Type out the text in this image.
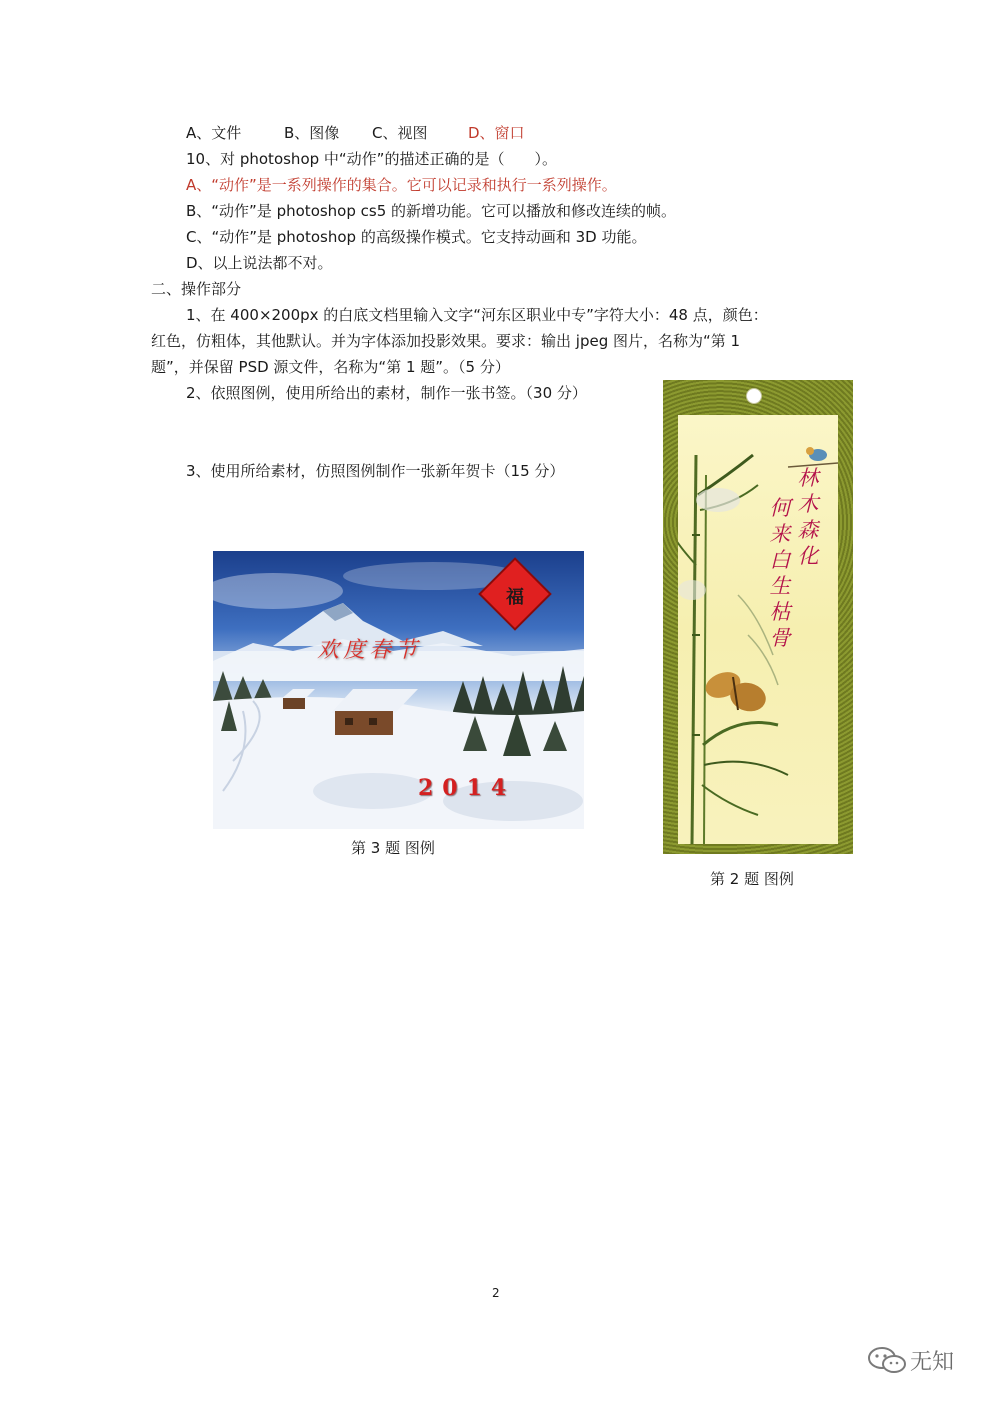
A、文件	B、图像 C、视图	D、窗口
10、对 photoshop 中“动作”的描述正确的是（　　）。
A、“动作”是一系列操作的集合。它可以记录和执行一系列操作。
B、“动作”是 photoshop cs5 的新增功能。它可以播放和修改连续的帧。
C、“动作”是 photoshop 的高级操作模式。它支持动画和 3D 功能。
D、以上说法都不对。
二、操作部分
1、在 400×200px 的白底文档里输入文字“河东区职业中专”字符大小：48 点，颜色：
红色，仿粗体，其他默认。并为字体添加投影效果。要求：输出 jpeg 图片，名称为“第 1
题”，并保留 PSD 源文件，名称为“第 1 题”。（5 分）
2、依照图例，使用所给出的素材，制作一张书签。（30 分）
3、使用所给素材，仿照图例制作一张新年贺卡（15 分）
福
欢度春节
2014
第 3 题 图例
林
木
森
化
何
来
白
生
枯
骨
第 2 题 图例
2
无知
